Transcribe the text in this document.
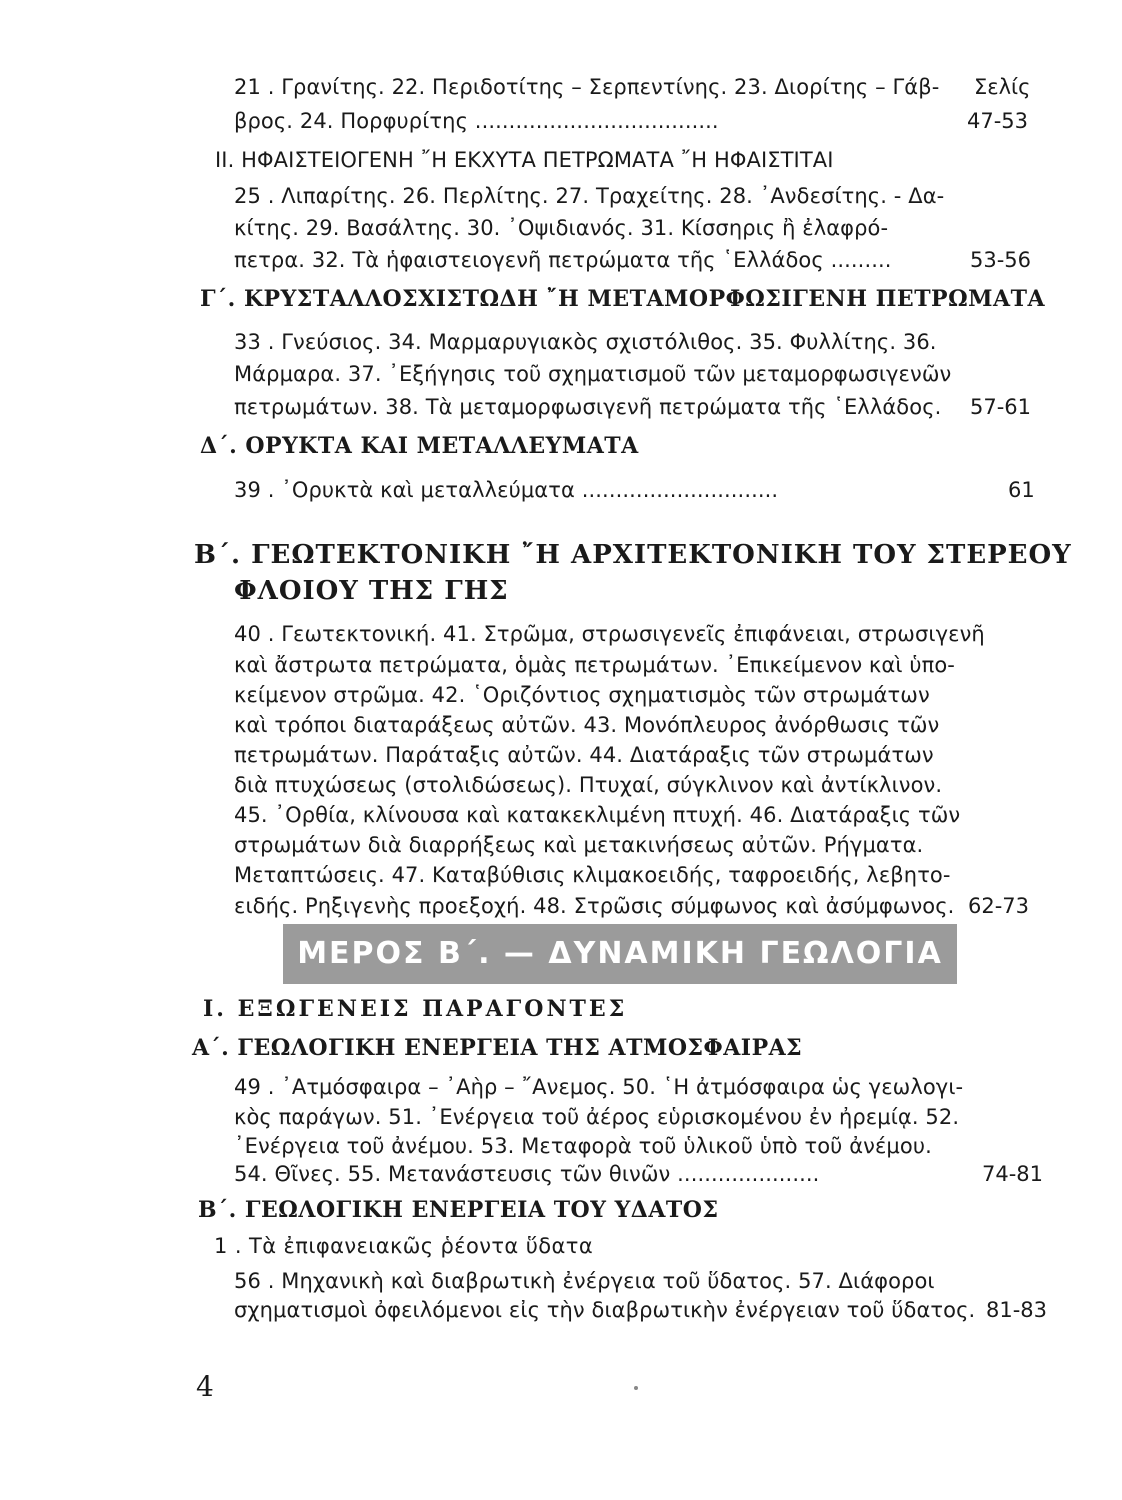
21 . Γρανίτης. 22. Περιδοτίτης – Σερπεντίνης. 23. Διορίτης – Γάβ- Σελίς
βρος. 24. Πορφυρίτης ....................................	47-53
II. ΗΦΑΙΣΤΕΙΟΓΕΝΗ ῎Η ΕΚΧΥΤΑ ΠΕΤΡΩΜΑΤΑ ῎Η ΗΦΑΙΣΤΙΤΑΙ
25 . Λιπαρίτης. 26. Περλίτης. 27. Τραχείτης. 28. ᾿Ανδεσίτης. - Δα-
κίτης. 29. Βασάλτης. 30. ᾿Οψιδιανός. 31. Κίσσηρις ἢ ἐλαφρό-
πετρα. 32. Τὰ ἡφαιστειογενῆ πετρώματα τῆς ῾Ελλάδος .........	53-56
Γ΄. ΚΡΥΣΤΑΛΛΟΣΧΙΣΤΩΔΗ ῎Η ΜΕΤΑΜΟΡΦΩΣΙΓΕΝΗ ΠΕΤΡΩΜΑΤΑ
33 . Γνεύσιος. 34. Μαρμαρυγιακὸς σχιστόλιθος. 35. Φυλλίτης. 36.
Μάρμαρα. 37. ᾿Εξήγησις τοῦ σχηματισμοῦ τῶν μεταμορφωσιγενῶν
πετρωμάτων. 38. Τὰ μεταμορφωσιγενῆ πετρώματα τῆς ῾Ελλάδος. 57-61
Δ΄. ΟΡΥΚΤΑ ΚΑΙ ΜΕΤΑΛΛΕΥΜΑΤΑ
39 . ᾿Ορυκτὰ καὶ μεταλλεύματα .............................	61
Β΄. ΓΕΩΤΕΚΤΟΝΙΚΗ ῎Η ΑΡΧΙΤΕΚΤΟΝΙΚΗ ΤΟΥ ΣΤΕΡΕΟΥ
ΦΛΟΙΟΥ ΤΗΣ ΓΗΣ
40 . Γεωτεκτονική. 41. Στρῶμα, στρωσιγενεῖς ἐπιφάνειαι, στρωσιγενῆ
καὶ ἄστρωτα πετρώματα, ὁμὰς πετρωμάτων. ᾿Επικείμενον καὶ ὑπο-
κείμενον στρῶμα. 42. ῾Οριζόντιος σχηματισμὸς τῶν στρωμάτων
καὶ τρόποι διαταράξεως αὐτῶν. 43. Μονόπλευρος ἀνόρθωσις τῶν
πετρωμάτων. Παράταξις αὐτῶν. 44. Διατάραξις τῶν στρωμάτων
διὰ πτυχώσεως (στολιδώσεως). Πτυχαί, σύγκλινον καὶ ἀντίκλινον.
45. ᾿Ορθία, κλίνουσα καὶ κατακεκλιμένη πτυχή. 46. Διατάραξις τῶν
στρωμάτων διὰ διαρρήξεως καὶ μετακινήσεως αὐτῶν. Ρήγματα.
Μεταπτώσεις. 47. Καταβύθισις κλιμακοειδής, ταφροειδής, λεβητο-
ειδής. Ρηξιγενὴς προεξοχή. 48. Στρῶσις σύμφωνος καὶ ἀσύμφωνος. 62-73
ΜΕΡΟΣ Β΄. — ΔΥΝΑΜΙΚΗ ΓΕΩΛΟΓΙΑ
Ι. ΕΞΩΓΕΝΕΙΣ ΠΑΡΑΓΟΝΤΕΣ
Α΄. ΓΕΩΛΟΓΙΚΗ ΕΝΕΡΓΕΙΑ ΤΗΣ ΑΤΜΟΣΦΑΙΡΑΣ
49 . ᾿Ατμόσφαιρα – ᾿Αὴρ – ῎Ανεμος. 50. ῾Η ἀτμόσφαιρα ὡς γεωλογι-
κὸς παράγων. 51. ᾿Ενέργεια τοῦ ἀέρος εὑρισκομένου ἐν ἠρεμίᾳ. 52.
᾿Ενέργεια τοῦ ἀνέμου. 53. Μεταφορὰ τοῦ ὑλικοῦ ὑπὸ τοῦ ἀνέμου.
54. Θῖνες. 55. Μετανάστευσις τῶν θινῶν .....................	74-81
Β΄. ΓΕΩΛΟΓΙΚΗ ΕΝΕΡΓΕΙΑ ΤΟΥ ΥΔΑΤΟΣ
1 . Τὰ ἐπιφανειακῶς ῥέοντα ὕδατα
56 . Μηχανικὴ καὶ διαβρωτικὴ ἐνέργεια τοῦ ὕδατος. 57. Διάφοροι
σχηματισμοὶ ὀφειλόμενοι εἰς τὴν διαβρωτικὴν ἐνέργειαν τοῦ ὕδατος. 81-83
4
